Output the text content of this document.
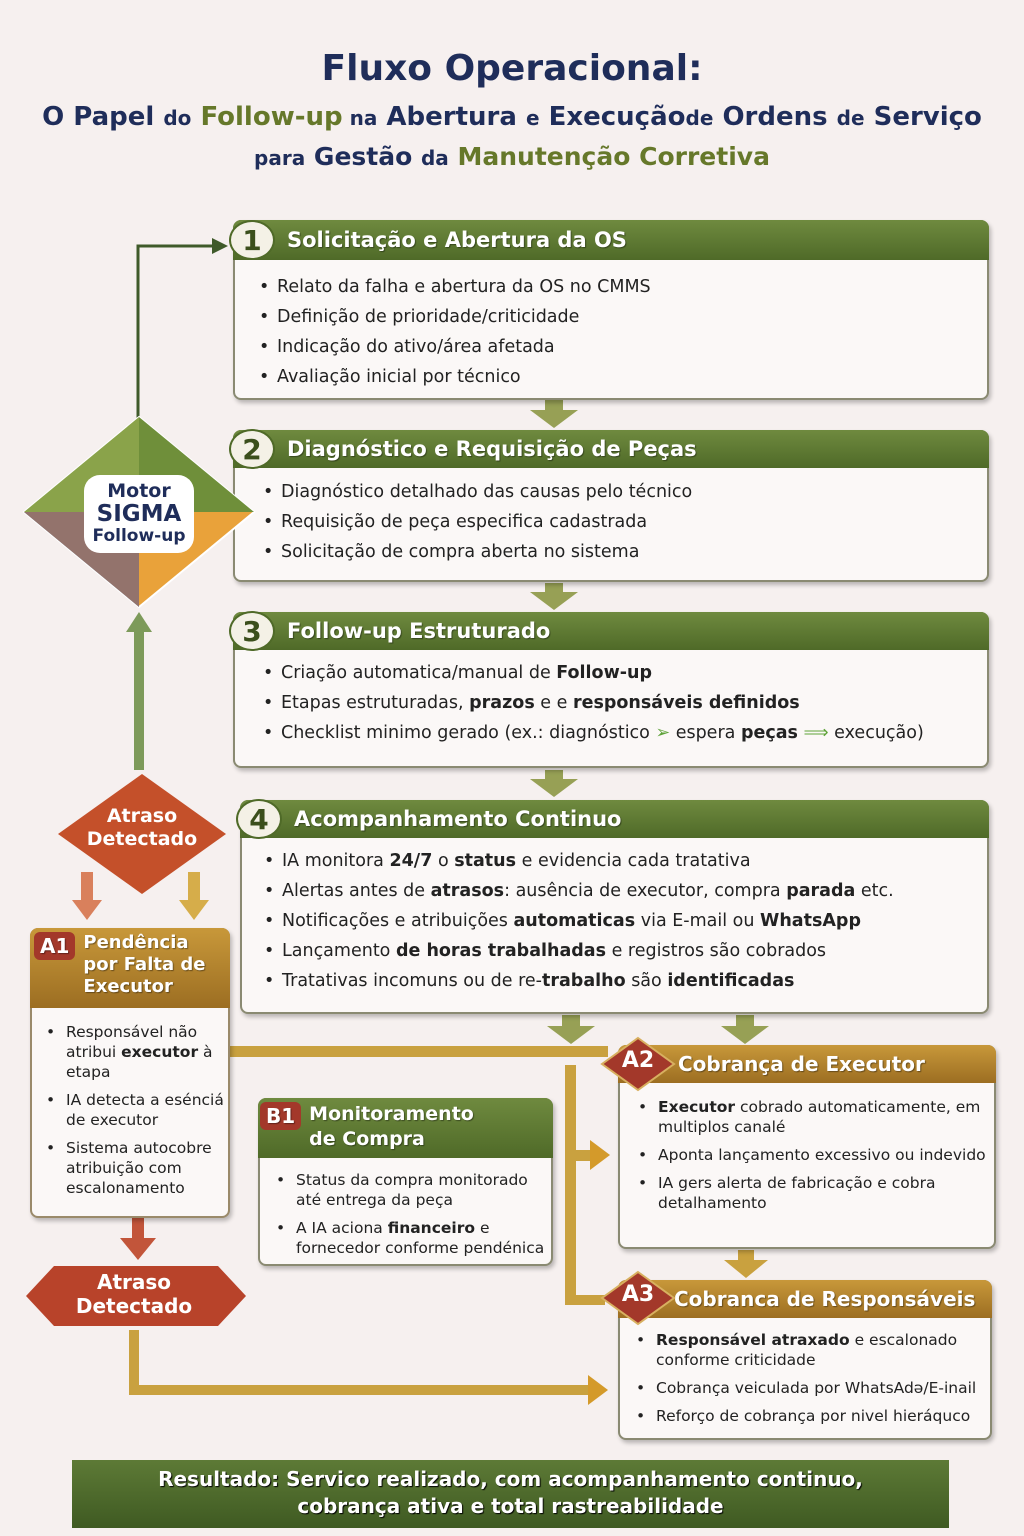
Fluxo Operacional:
O Papel do Follow-up na Abertura e Execuçãode Ordens de Serviço
para Gestão da Manutenção Corretiva
1	Solicitação e Abertura da OS
• Relato da falha e abertura da OS no CMMS
• Definição de prioridade/criticidade
• Indicação do ativo/área afetada
• Avaliação inicial por técnico
2	Diagnóstico e Requisição de Peças
• Diagnóstico detalhado das causas pelo técnico
• Requisição de peça especifica cadastrada
• Solicitação de compra aberta no sistema
3	Follow-up Estruturado
• Criação automatica/manual de Follow-up
• Etapas estruturadas, prazos e e responsáveis definidos
• Checklist minimo gerado (ex.: diagnóstico ➢ espera peças ⟹ execução)
4	Acompanhamento Continuo
• IA monitora 24/7 o status e evidencia cada tratativa
• Alertas antes de atrasos: ausência de executor, compra parada etc.
• Notificações e atribuições automaticas via E-mail ou WhatsApp
• Lançamento de horas trabalhadas e registros são cobrados
• Tratativas incomuns ou de re-trabalho são identificadas
Motor
SIGMA
Follow-up
Atraso
Detectado
A1 Pendência por Falta de Executor
• Responsável não atribui executor à etapa
• IA detecta a esénciá de executor
• Sistema autocobre atribuição com escalonamento
B1 Monitoramento de Compra
• Status da compra monitorado até entrega da peça
• A IA aciona financeiro e fornecedor conforme pendénica
Cobrança de Executor
• Executor cobrado automaticamente, em multiplos canalé
• Aponta lançamento excessivo ou indevido
• IA gers alerta de fabricação e cobra detalhamento
A2
Cobranca de Responsáveis
• Responsável atraxado e escalonado conforme criticidade
• Cobrança veiculada por WhatsAdə/E-inail
• Reforço de cobrança por nivel hieráquco
A3
Atraso
Detectado
Resultado: Servico realizado, com acompanhamento continuo,
cobrança ativa e total rastreabilidade
